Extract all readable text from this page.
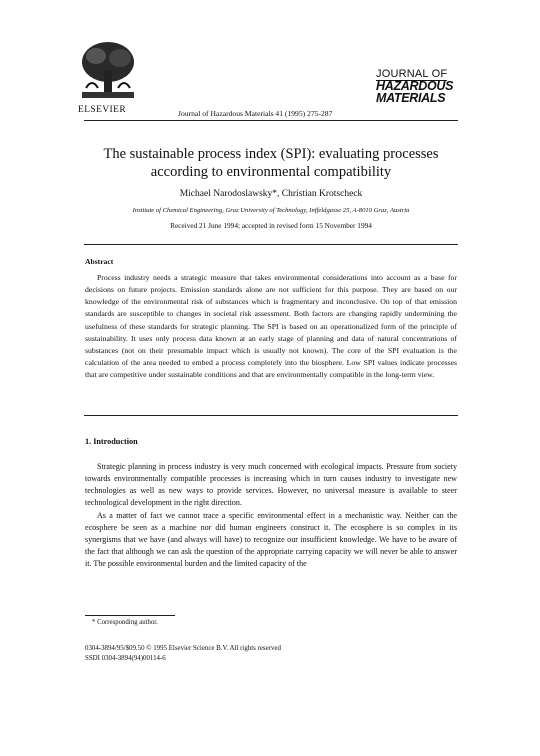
ELSEVIER	Journal of Hazardous Materials 41 (1995) 275-287
JOURNAL OF
HAZARDOUS
MATERIALS
The sustainable process index (SPI): evaluating processes
according to environmental compatibility
Michael Narodoslawsky*, Christian Krotscheck
Institute of Chemical Engineering, Graz University of Technology, Inffeldgasse 25, A-8010 Graz, Austria
Received 21 June 1994; accepted in revised form 15 November 1994
Abstract
Process industry needs a strategic measure that takes environmental considerations into account as a base for decisions on future projects. Emission standards alone are not sufficient for this purpose. They are based on our knowledge of the environmental risk of substances which is fragmentary and inconclusive. On top of that emission standards are susceptible to changes in societal risk assessment. Both factors are changing rapidly undermining the usefulness of these standards for strategic planning. The SPI is based on an operationalized form of the principle of sustainability. It uses only process data known at an early stage of planning and data of natural concentrations of substances (not on their presumable impact which is usually not known). The core of the SPI evaluation is the calculation of the area needed to embed a process completely into the biosphere. Low SPI values indicate processes that are competitive under sustainable conditions and that are environmentally compatible in the long-term view.
1. Introduction

Strategic planning in process industry is very much concerned with ecological impacts. Pressure from society towards environmentally compatible processes is increasing which in turn causes industry to investigate new technologies as well as new ways to provide services. However, no universal measure is available to steer technological development in the right direction.

As a matter of fact we cannot trace a specific environmental effect in a mechanistic way. Neither can the ecosphere be seen as a machine nor did human engineers construct it. The ecosphere is so complex in its synergisms that we have (and always will have) to recognize our insufficient knowledge. We have to be aware of the fact that although we can ask the question of the appropriate carrying capacity we will never be able to answer it. The possible environmental burden and the limited capacity of the

* Corresponding author.
0304-3894/95/$09.50 © 1995 Elsevier Science B.V. All rights reserved
SSDI 0304-3894(94)00114-6
